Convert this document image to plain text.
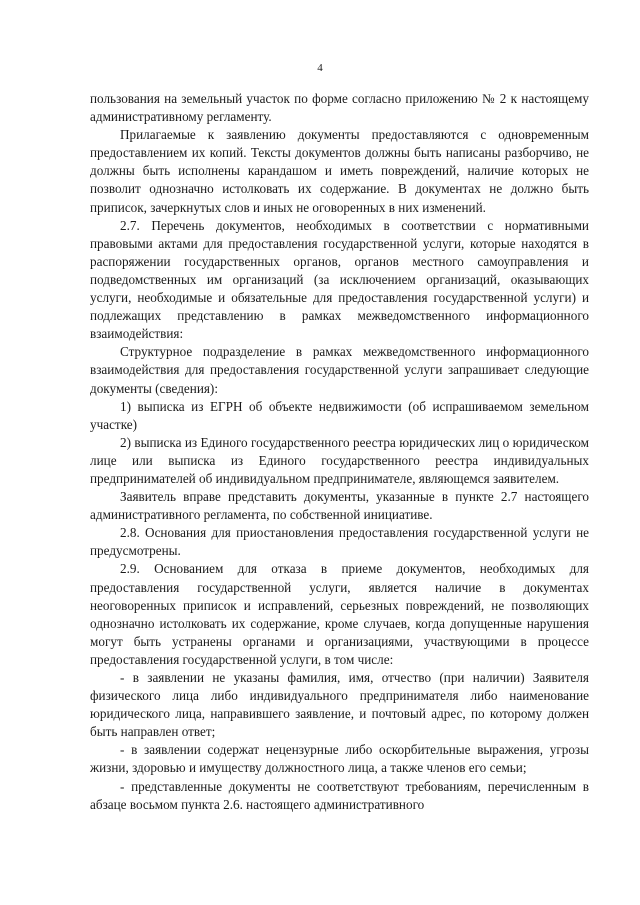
4

пользования на земельный участок по форме согласно приложению № 2 к настоящему административному регламенту.

Прилагаемые к заявлению документы предоставляются с одновременным предоставлением их копий. Тексты документов должны быть написаны разборчиво, не должны быть исполнены карандашом и иметь повреждений, наличие которых не позволит однозначно истолковать их содержание. В документах не должно быть приписок, зачеркнутых слов и иных не оговоренных в них изменений.

2.7. Перечень документов, необходимых в соответствии с нормативными правовыми актами для предоставления государственной услуги, которые находятся в распоряжении государственных органов, органов местного самоуправления и подведомственных им организаций (за исключением организаций, оказывающих услуги, необходимые и обязательные для предоставления государственной услуги) и подлежащих представлению в рамках межведомственного информационного взаимодействия:

Структурное подразделение в рамках межведомственного информационного взаимодействия для предоставления государственной услуги запрашивает следующие документы (сведения):

1) выписка из ЕГРН об объекте недвижимости (об испрашиваемом земельном участке)

2) выписка из Единого государственного реестра юридических лиц о юридическом лице или выписка из Единого государственного реестра индивидуальных предпринимателей об индивидуальном предпринимателе, являющемся заявителем.

Заявитель вправе представить документы, указанные в пункте 2.7 настоящего административного регламента, по собственной инициативе.

2.8. Основания для приостановления предоставления государственной услуги не предусмотрены.

2.9. Основанием для отказа в приеме документов, необходимых для предоставления государственной услуги, является наличие в документах неоговоренных приписок и исправлений, серьезных повреждений, не позволяющих однозначно истолковать их содержание, кроме случаев, когда допущенные нарушения могут быть устранены органами и организациями, участвующими в процессе предоставления государственной услуги, в том числе:

- в заявлении не указаны фамилия, имя, отчество (при наличии) Заявителя физического лица либо индивидуального предпринимателя либо наименование юридического лица, направившего заявление, и почтовый адрес, по которому должен быть направлен ответ;

- в заявлении содержат нецензурные либо оскорбительные выражения, угрозы жизни, здоровью и имуществу должностного лица, а также членов его семьи;

- представленные документы не соответствуют требованиям, перечисленным в абзаце восьмом пункта 2.6. настоящего административного
